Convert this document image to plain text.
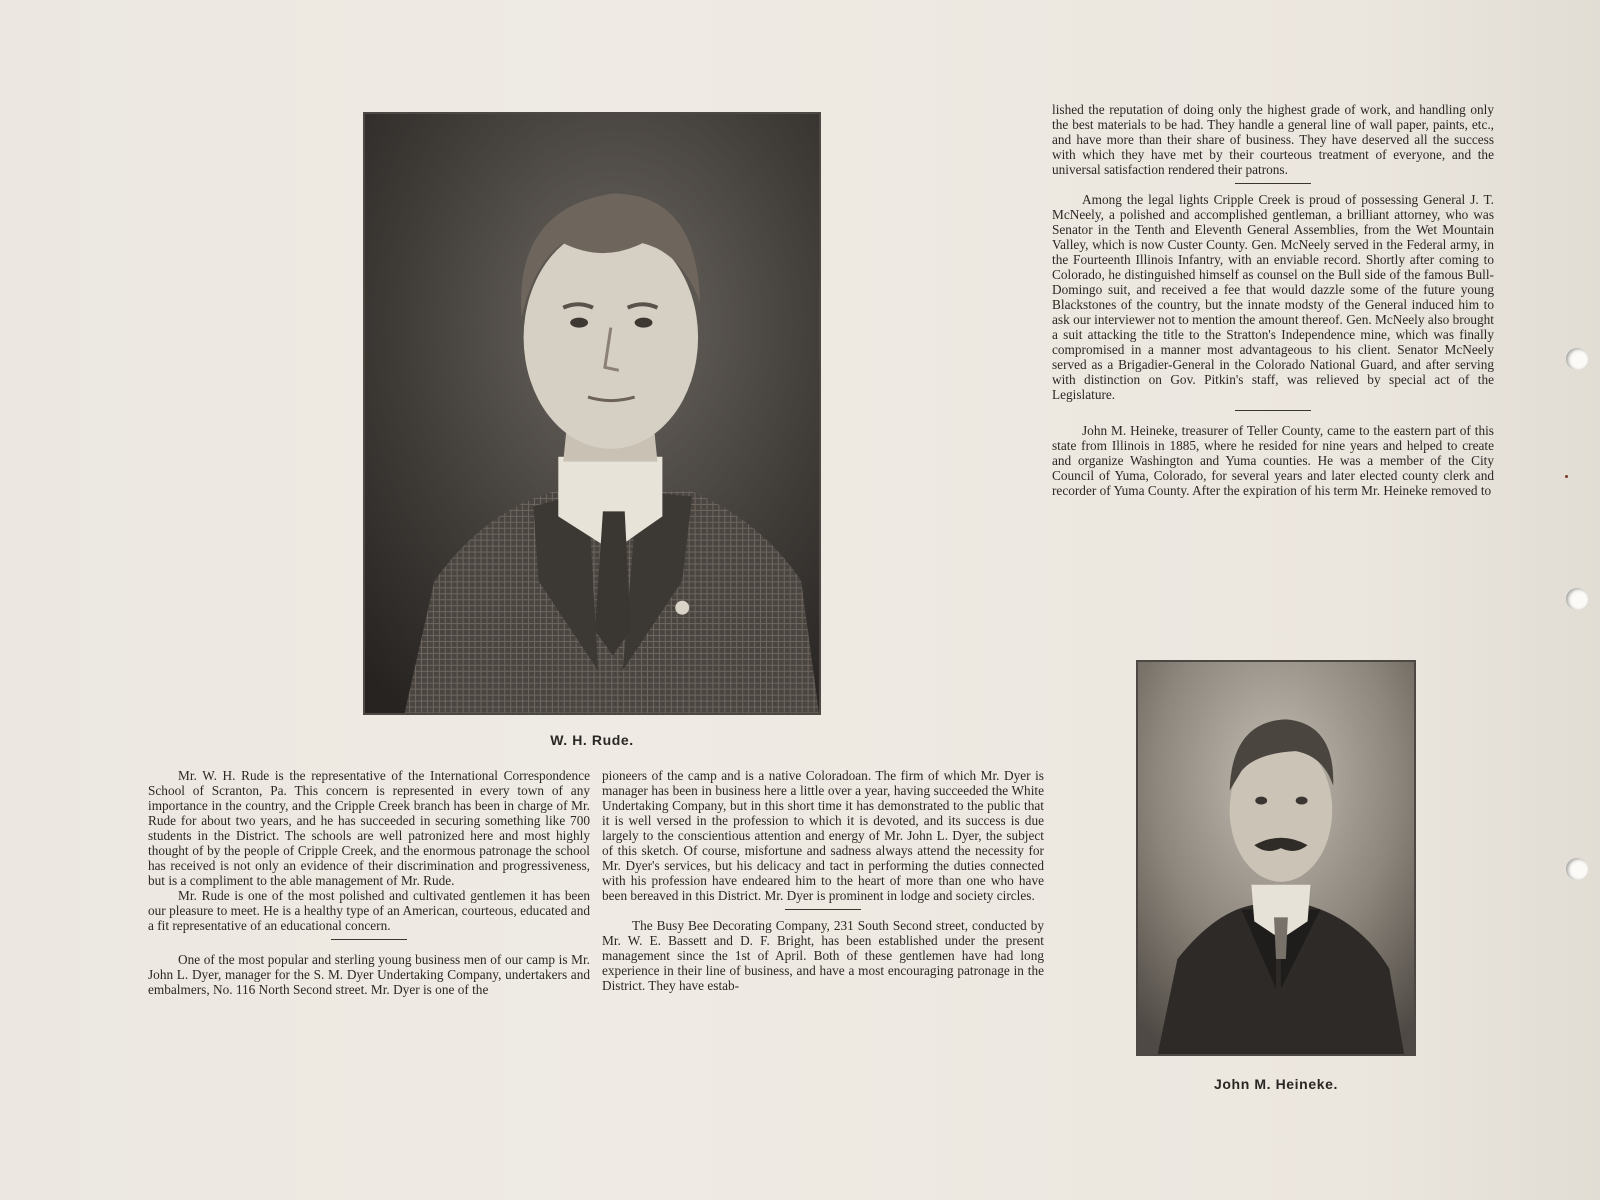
W. H. Rude.
John M. Heineke.

Mr. W. H. Rude is the representative of the International Correspondence School of Scranton, Pa. This concern is represented in every town of any importance in the country, and the Cripple Creek branch has been in charge of Mr. Rude for about two years, and he has succeeded in securing something like 700 students in the District. The schools are well patronized here and most highly thought of by the people of Cripple Creek, and the enormous patronage the school has received is not only an evidence of their discrimination and progressiveness, but is a compliment to the able management of Mr. Rude.

Mr. Rude is one of the most polished and cultivated gentlemen it has been our pleasure to meet. He is a healthy type of an American, courteous, educated and a fit representative of an educational concern.

One of the most popular and sterling young business men of our camp is Mr. John L. Dyer, manager for the S. M. Dyer Undertaking Company, undertakers and embalmers, No. 116 North Second street. Mr. Dyer is one of the

pioneers of the camp and is a native Coloradoan. The firm of which Mr. Dyer is manager has been in business here a little over a year, having succeeded the White Undertaking Company, but in this short time it has demonstrated to the public that it is well versed in the profession to which it is devoted, and its success is due largely to the conscientious attention and energy of Mr. John L. Dyer, the subject of this sketch. Of course, misfortune and sadness always attend the necessity for Mr. Dyer's services, but his delicacy and tact in performing the duties connected with his profession have endeared him to the heart of more than one who have been bereaved in this District. Mr. Dyer is prominent in lodge and society circles.

The Busy Bee Decorating Company, 231 South Second street, conducted by Mr. W. E. Bassett and D. F. Bright, has been established under the present management since the 1st of April. Both of these gentlemen have had long experience in their line of business, and have a most encouraging patronage in the District. They have estab-

lished the reputation of doing only the highest grade of work, and handling only the best materials to be had. They handle a general line of wall paper, paints, etc., and have more than their share of business. They have deserved all the success with which they have met by their courteous treatment of everyone, and the universal satisfaction rendered their patrons.

Among the legal lights Cripple Creek is proud of possessing General J. T. McNeely, a polished and accomplished gentleman, a brilliant attorney, who was Senator in the Tenth and Eleventh General Assemblies, from the Wet Mountain Valley, which is now Custer County. Gen. McNeely served in the Federal army, in the Fourteenth Illinois Infantry, with an enviable record. Shortly after coming to Colorado, he distinguished himself as counsel on the Bull side of the famous Bull-Domingo suit, and received a fee that would dazzle some of the future young Blackstones of the country, but the innate modsty of the General induced him to ask our interviewer not to mention the amount thereof. Gen. McNeely also brought a suit attacking the title to the Stratton's Independence mine, which was finally compromised in a manner most advantageous to his client. Senator McNeely served as a Brigadier-General in the Colorado National Guard, and after serving with distinction on Gov. Pitkin's staff, was relieved by special act of the Legislature.

John M. Heineke, treasurer of Teller County, came to the eastern part of this state from Illinois in 1885, where he resided for nine years and helped to create and organize Washington and Yuma counties. He was a member of the City Council of Yuma, Colorado, for several years and later elected county clerk and recorder of Yuma County. After the expiration of his term Mr. Heineke removed to
